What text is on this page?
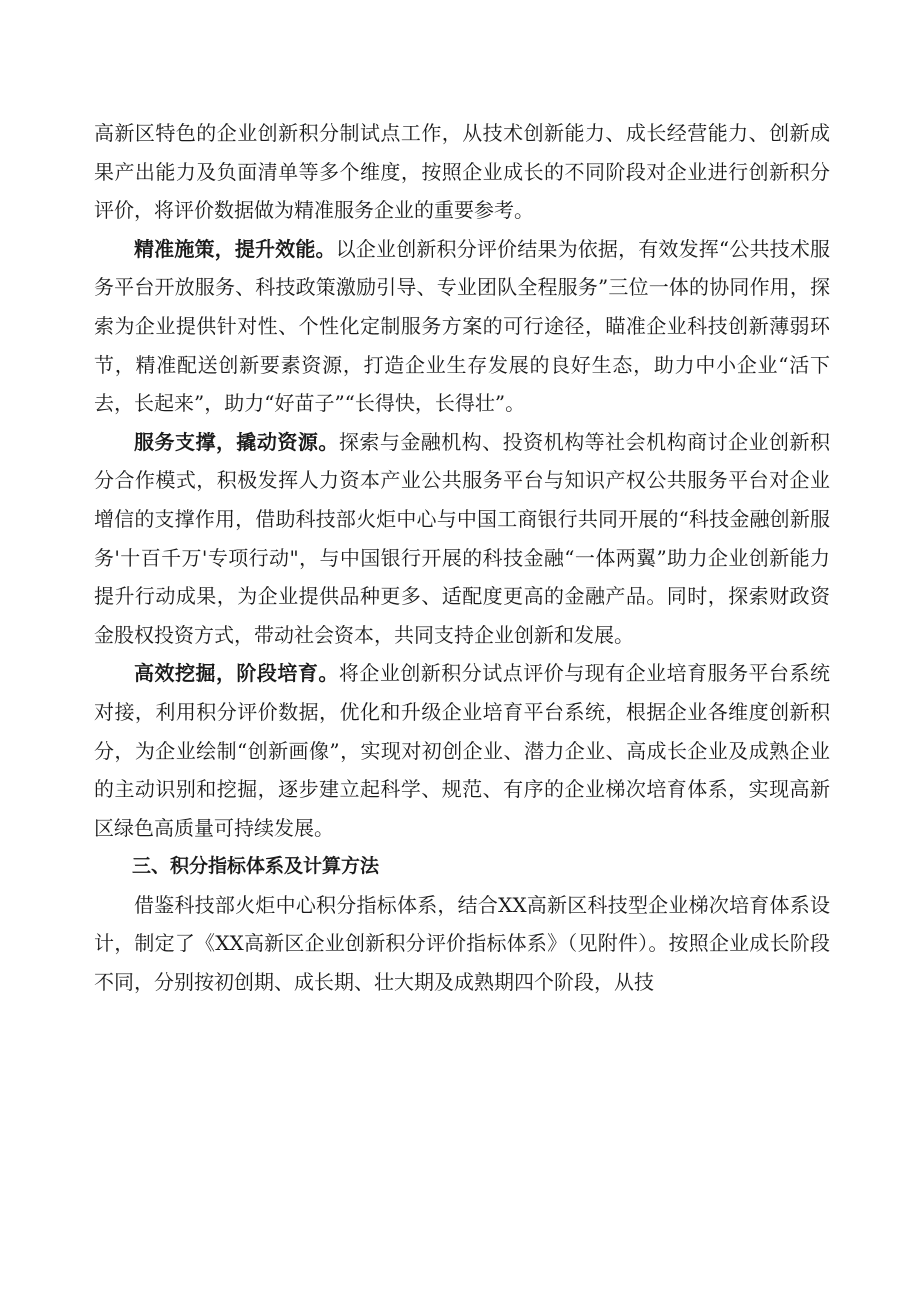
高新区特色的企业创新积分制试点工作，从技术创新能力、成长经营能力、创新成果产出能力及负面清单等多个维度，按照企业成长的不同阶段对企业进行创新积分评价，将评价数据做为精准服务企业的重要参考。

精准施策，提升效能。以企业创新积分评价结果为依据，有效发挥“公共技术服务平台开放服务、科技政策激励引导、专业团队全程服务”三位一体的协同作用，探索为企业提供针对性、个性化定制服务方案的可行途径，瞄准企业科技创新薄弱环节，精准配送创新要素资源，打造企业生存发展的良好生态，助力中小企业“活下去，长起来”，助力“好苗子”“长得快，长得壮”。

服务支撑，撬动资源。探索与金融机构、投资机构等社会机构商讨企业创新积分合作模式，积极发挥人力资本产业公共服务平台与知识产权公共服务平台对企业增信的支撑作用，借助科技部火炬中心与中国工商银行共同开展的“科技金融创新服务'十百千万'专项行动"，与中国银行开展的科技金融“一体两翼”助力企业创新能力提升行动成果，为企业提供品种更多、适配度更高的金融产品。同时，探索财政资金股权投资方式，带动社会资本，共同支持企业创新和发展。

高效挖掘，阶段培育。将企业创新积分试点评价与现有企业培育服务平台系统对接，利用积分评价数据，优化和升级企业培育平台系统，根据企业各维度创新积分，为企业绘制“创新画像”，实现对初创企业、潜力企业、高成长企业及成熟企业的主动识别和挖掘，逐步建立起科学、规范、有序的企业梯次培育体系，实现高新区绿色高质量可持续发展。

三、积分指标体系及计算方法

借鉴科技部火炬中心积分指标体系，结合XX高新区科技型企业梯次培育体系设计，制定了《XX高新区企业创新积分评价指标体系》（见附件）。按照企业成长阶段不同，分别按初创期、成长期、壮大期及成熟期四个阶段，从技
